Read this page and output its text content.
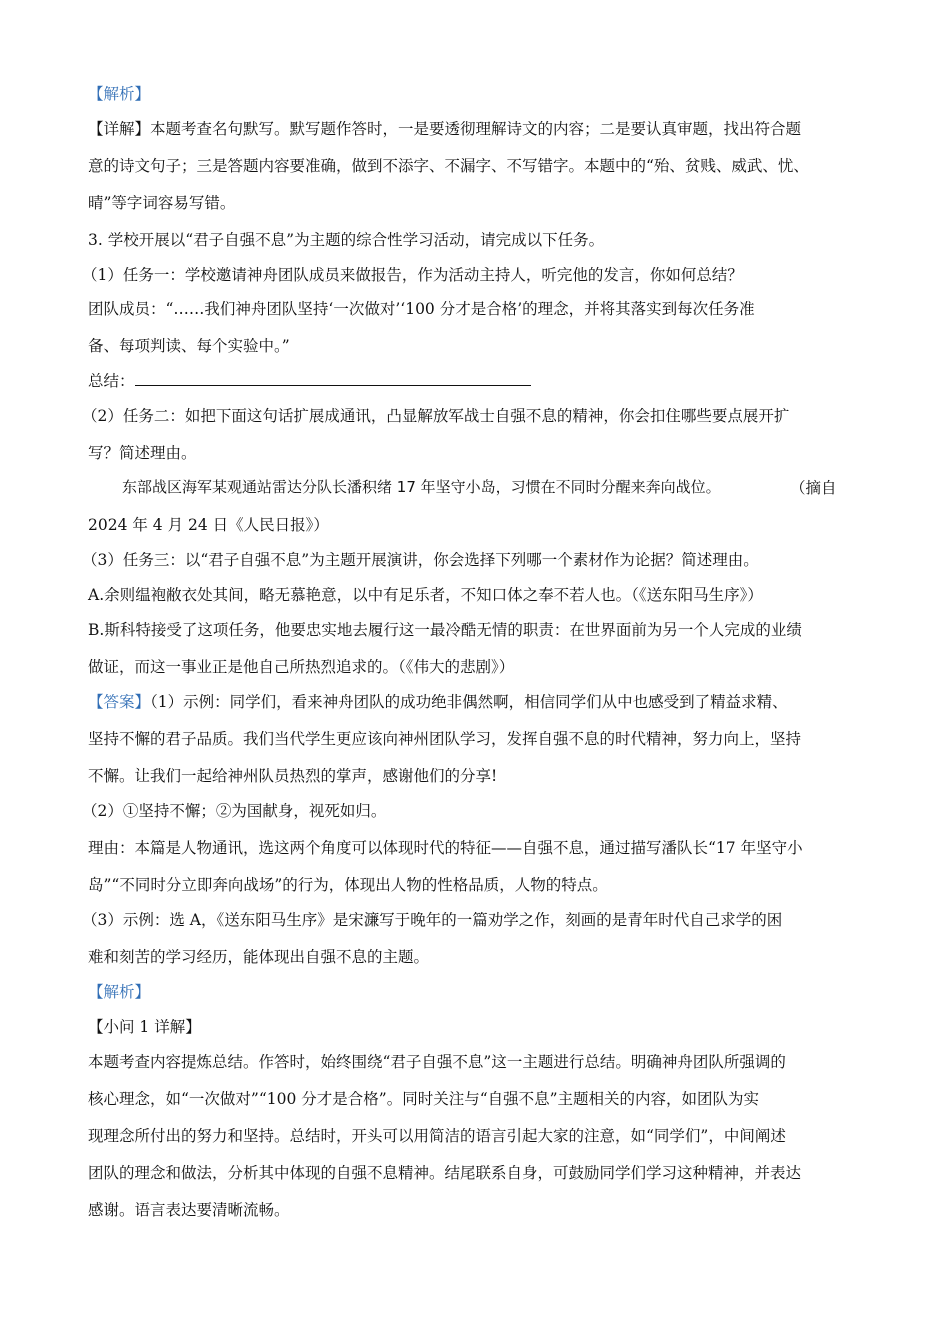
【解析】
【详解】本题考查名句默写。默写题作答时，一是要透彻理解诗文的内容；二是要认真审题，找出符合题
意的诗文句子；三是答题内容要准确，做到不添字、不漏字、不写错字。本题中的“殆、贫贱、威武、忧、
晴”等字词容易写错。
3. 学校开展以“君子自强不息”为主题的综合性学习活动，请完成以下任务。
（1）任务一：学校邀请神舟团队成员来做报告，作为活动主持人，听完他的发言，你如何总结？
团队成员：“……我们神舟团队坚持‘一次做对’‘100 分才是合格’的理念，并将其落实到每次任务准
备、每项判读、每个实验中。”
总结：
（2）任务二：如把下面这句话扩展成通讯，凸显解放军战士自强不息的精神，你会扣住哪些要点展开扩
写？简述理由。
东部战区海军某观通站雷达分队长潘积绪 17 年坚守小岛，习惯在不同时分醒来奔向战位。	（摘自
2024 年 4 月 24 日《人民日报》）
（3）任务三：以“君子自强不息”为主题开展演讲，你会选择下列哪一个素材作为论据？简述理由。
A.余则缊袍敝衣处其间，略无慕艳意，以中有足乐者，不知口体之奉不若人也。（《送东阳马生序》）
B.斯科特接受了这项任务，他要忠实地去履行这一最冷酷无情的职责：在世界面前为另一个人完成的业绩
做证，而这一事业正是他自己所热烈追求的。（《伟大的悲剧》）
【答案】（1）示例：同学们，看来神舟团队的成功绝非偶然啊，相信同学们从中也感受到了精益求精、
坚持不懈的君子品质。我们当代学生更应该向神州团队学习，发挥自强不息的时代精神，努力向上，坚持
不懈。让我们一起给神州队员热烈的掌声，感谢他们的分享!
（2）①坚持不懈；②为国献身，视死如归。
理由：本篇是人物通讯，选这两个角度可以体现时代的特征——自强不息，通过描写潘队长“17 年坚守小
岛”“不同时分立即奔向战场”的行为，体现出人物的性格品质，人物的特点。
（3）示例：选 A，《送东阳马生序》是宋濂写于晚年的一篇劝学之作，刻画的是青年时代自己求学的困
难和刻苦的学习经历，能体现出自强不息的主题。
【解析】
【小问 1 详解】
本题考查内容提炼总结。作答时，始终围绕“君子自强不息”这一主题进行总结。明确神舟团队所强调的
核心理念，如“一次做对”“100 分才是合格”。同时关注与“自强不息”主题相关的内容，如团队为实
现理念所付出的努力和坚持。总结时，开头可以用简洁的语言引起大家的注意，如“同学们”，中间阐述
团队的理念和做法，分析其中体现的自强不息精神。结尾联系自身，可鼓励同学们学习这种精神，并表达
感谢。语言表达要清晰流畅。
